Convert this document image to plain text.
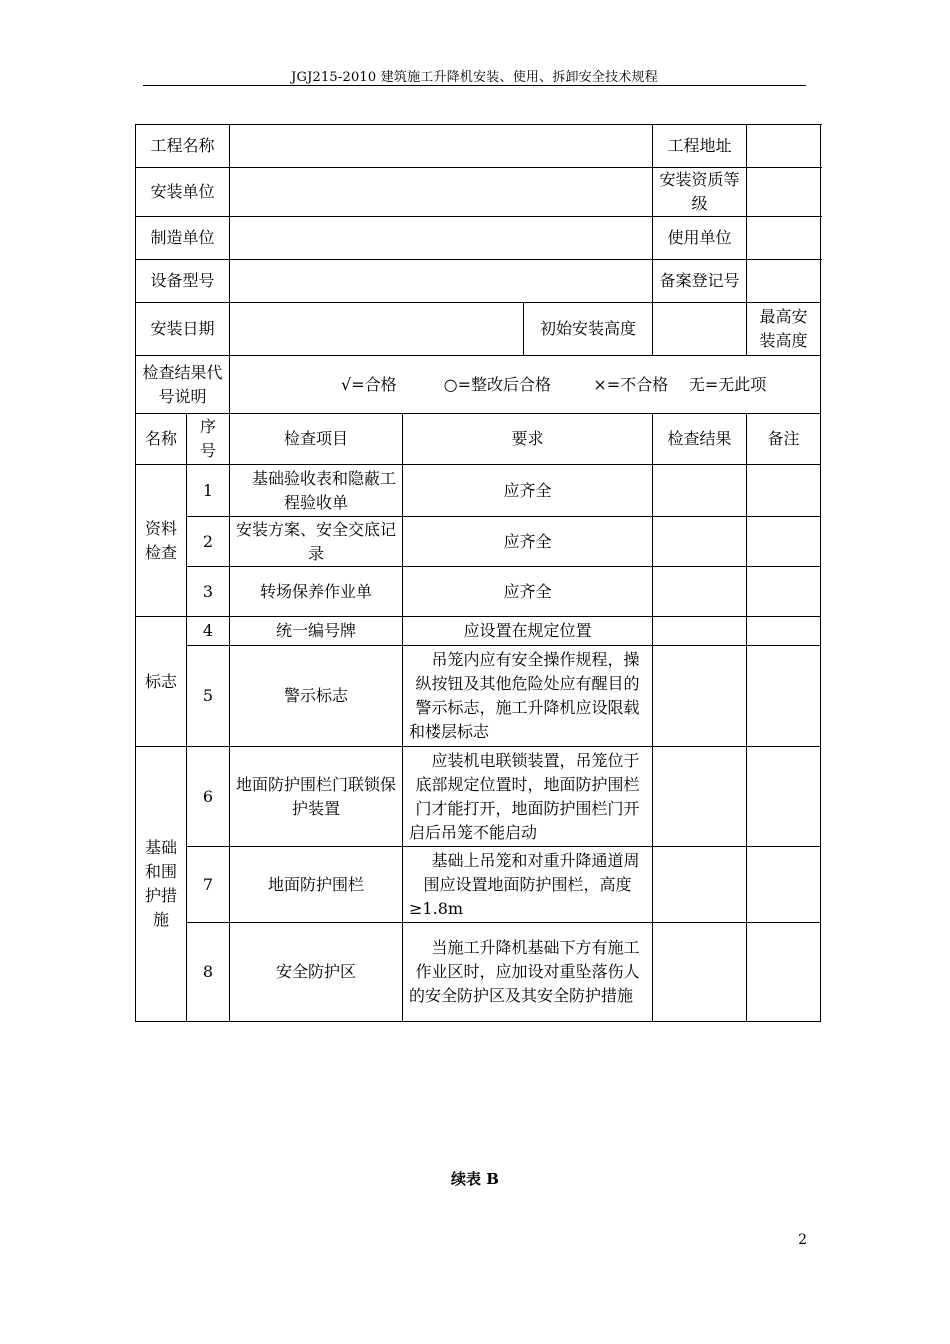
JGJ215-2010 建筑施工升降机安装、使用、拆卸安全技术规程
工程名称					工程地址		
安装单位					安装资质等级		
制造单位					使用单位		
设备型号					备案登记号		
安装日期				初始安装高度		最高安装高度	
检查结果代号说明		√=合格 ○=整改后合格 ×=不合格 无=无此项					
名称	序号	检查项目	要求		检查结果	备注	
资料检查	1	基础验收表和隐蔽工程验收单	应齐全				
	2	安装方案、安全交底记录	应齐全				
	3	转场保养作业单	应齐全				
标志	4	统一编号牌	应设置在规定位置				
	5	警示标志	吊笼内应有安全操作规程，操纵按钮及其他危险处应有醒目的警示标志，施工升降机应设限载和楼层标志				
基础和围护措施	6	地面防护围栏门联锁保护装置	应装机电联锁装置，吊笼位于底部规定位置时，地面防护围栏门才能打开，地面防护围栏门开启后吊笼不能启动				
	7	地面防护围栏	基础上吊笼和对重升降通道周围应设置地面防护围栏，高度≥1.8m				
	8	安全防护区	当施工升降机基础下方有施工作业区时，应加设对重坠落伤人的安全防护区及其安全防护措施				
续表 B
2
